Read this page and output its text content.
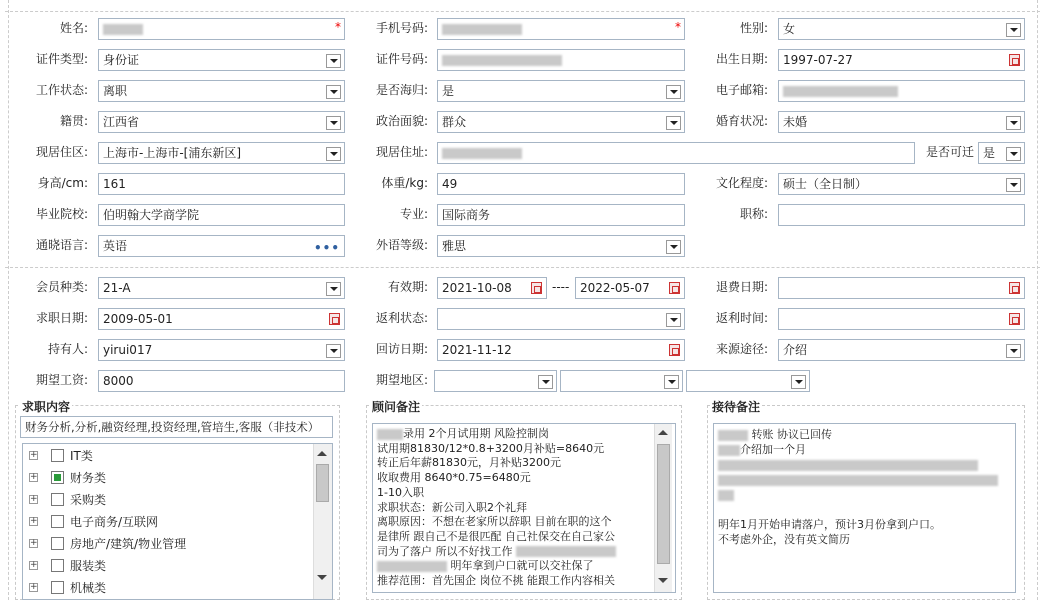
姓名:	*	手机号码:	*	性别:	女
证件类型:	身份证	证件号码:	出生日期:	1997-07-27
工作状态:	离职	是否海归:	是	电子邮箱:
籍贯:	江西省	政治面貌:	群众	婚育状况:	未婚
现居住区:	上海市-上海市-[浦东新区]	现居住址:	是否可迁 是
身高/cm:	161	体重/kg:	49	文化程度:	硕士（全日制）
毕业院校:	伯明翰大学商学院	专业:	国际商务	职称:
通晓语言:	英语	•••	外语等级:	雅思
会员种类:	21-A	有效期:	2021-10-08	---- 2022-05-07	退费日期:
求职日期:	2009-05-01	返利状态:	返利时间:
持有人:	yirui017	回访日期:	2021-11-12	来源途径:	介绍
期望工资:	8000	期望地区:
求职内容
财务分析,分析,融资经理,投资经理,管培生,客服（非技术）
+	IT类
+	财务类
+	采购类
+	电子商务/互联网
+	房地产/建筑/物业管理
+	服装类
+	机械类
顾问备注
录用 2个月试用期 风险控制岗
试用期81830/12*0.8+3200月补贴=8640元
转正后年薪81830元，月补贴3200元
收取费用 8640*0.75=6480元
1-10入职
求职状态：新公司入职2个礼拜
离职原因：不想在老家所以辞职 目前在职的这个
是律所 跟自己不是很匹配 自己社保交在自己家公
司为了落户 所以不好找工作
明年拿到户口就可以交社保了
推荐范围：首先国企 岗位不挑 能跟工作内容相关
接待备注
转账 协议已回传
介绍加一个月
明年1月开始申请落户，预计3月份拿到户口。
不考虑外企，没有英文简历
